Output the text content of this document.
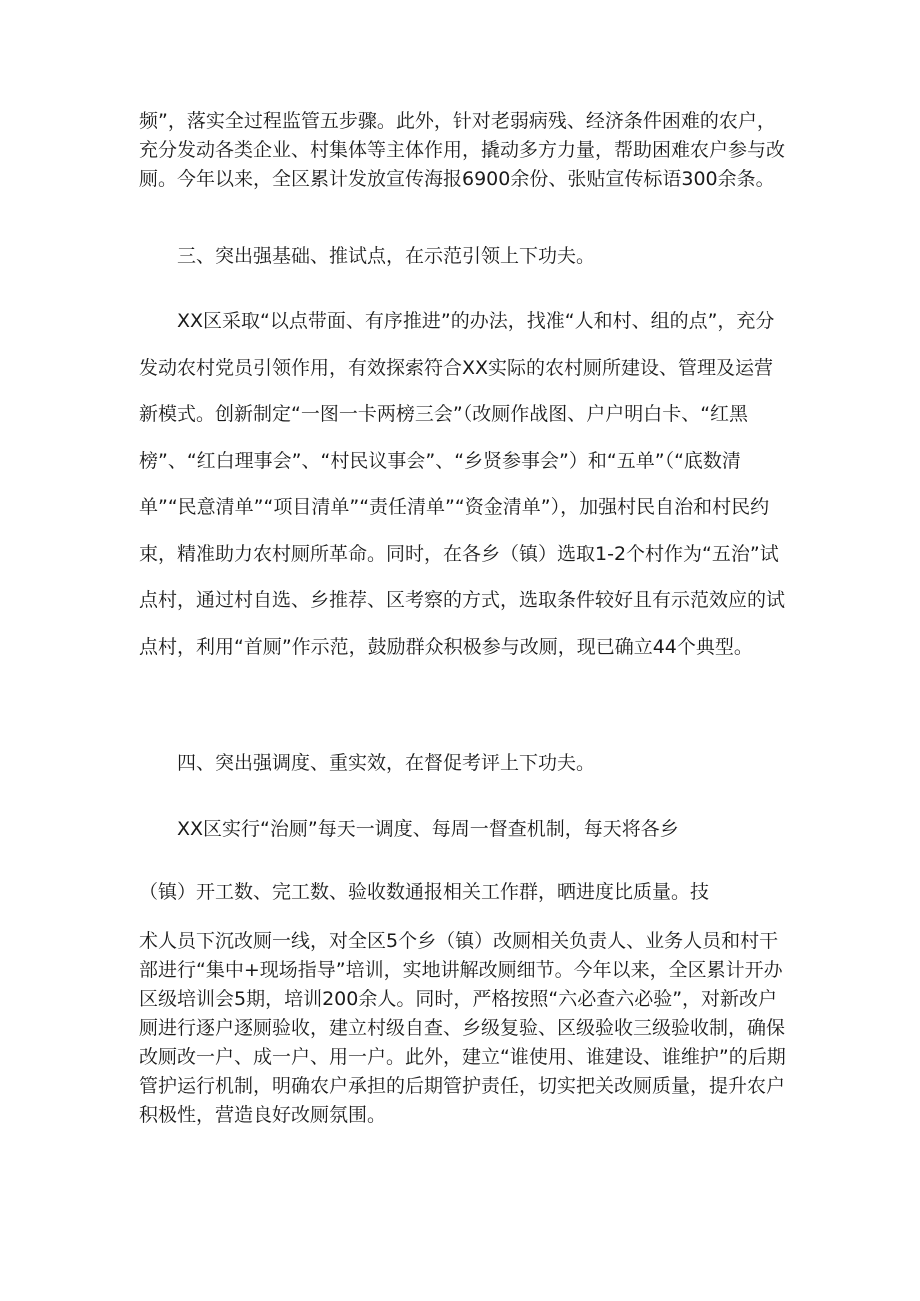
频”，落实全过程监管五步骤。此外，针对老弱病残、经济条件困难的农户，充分发动各类企业、村集体等主体作用，撬动多方力量，帮助困难农户参与改厕。今年以来，全区累计发放宣传海报6900余份、张贴宣传标语300余条。

三、突出强基础、推试点，在示范引领上下功夫。

XX区采取“以点带面、有序推进”的办法，找准“人和村、组的点”，充分发动农村党员引领作用，有效探索符合XX实际的农村厕所建设、管理及运营新模式。创新制定“一图一卡两榜三会”（改厕作战图、户户明白卡、“红黑榜”、“红白理事会”、“村民议事会”、“乡贤参事会”）和“五单”（“底数清单”“民意清单”“项目清单”“责任清单”“资金清单”），加强村民自治和村民约束，精准助力农村厕所革命。同时，在各乡（镇）选取1-2个村作为“五治”试点村，通过村自选、乡推荐、区考察的方式，选取条件较好且有示范效应的试点村，利用“首厕”作示范，鼓励群众积极参与改厕，现已确立44个典型。

四、突出强调度、重实效，在督促考评上下功夫。

XX区实行“治厕”每天一调度、每周一督查机制，每天将各乡

（镇）开工数、完工数、验收数通报相关工作群，晒进度比质量。技

术人员下沉改厕一线，对全区5个乡（镇）改厕相关负责人、业务人员和村干部进行“集中+现场指导”培训，实地讲解改厕细节。今年以来，全区累计开办区级培训会5期，培训200余人。同时，严格按照“六必查六必验”，对新改户厕进行逐户逐厕验收，建立村级自查、乡级复验、区级验收三级验收制，确保改厕改一户、成一户、用一户。此外，建立“谁使用、谁建设、谁维护”的后期管护运行机制，明确农户承担的后期管护责任，切实把关改厕质量，提升农户积极性，营造良好改厕氛围。
